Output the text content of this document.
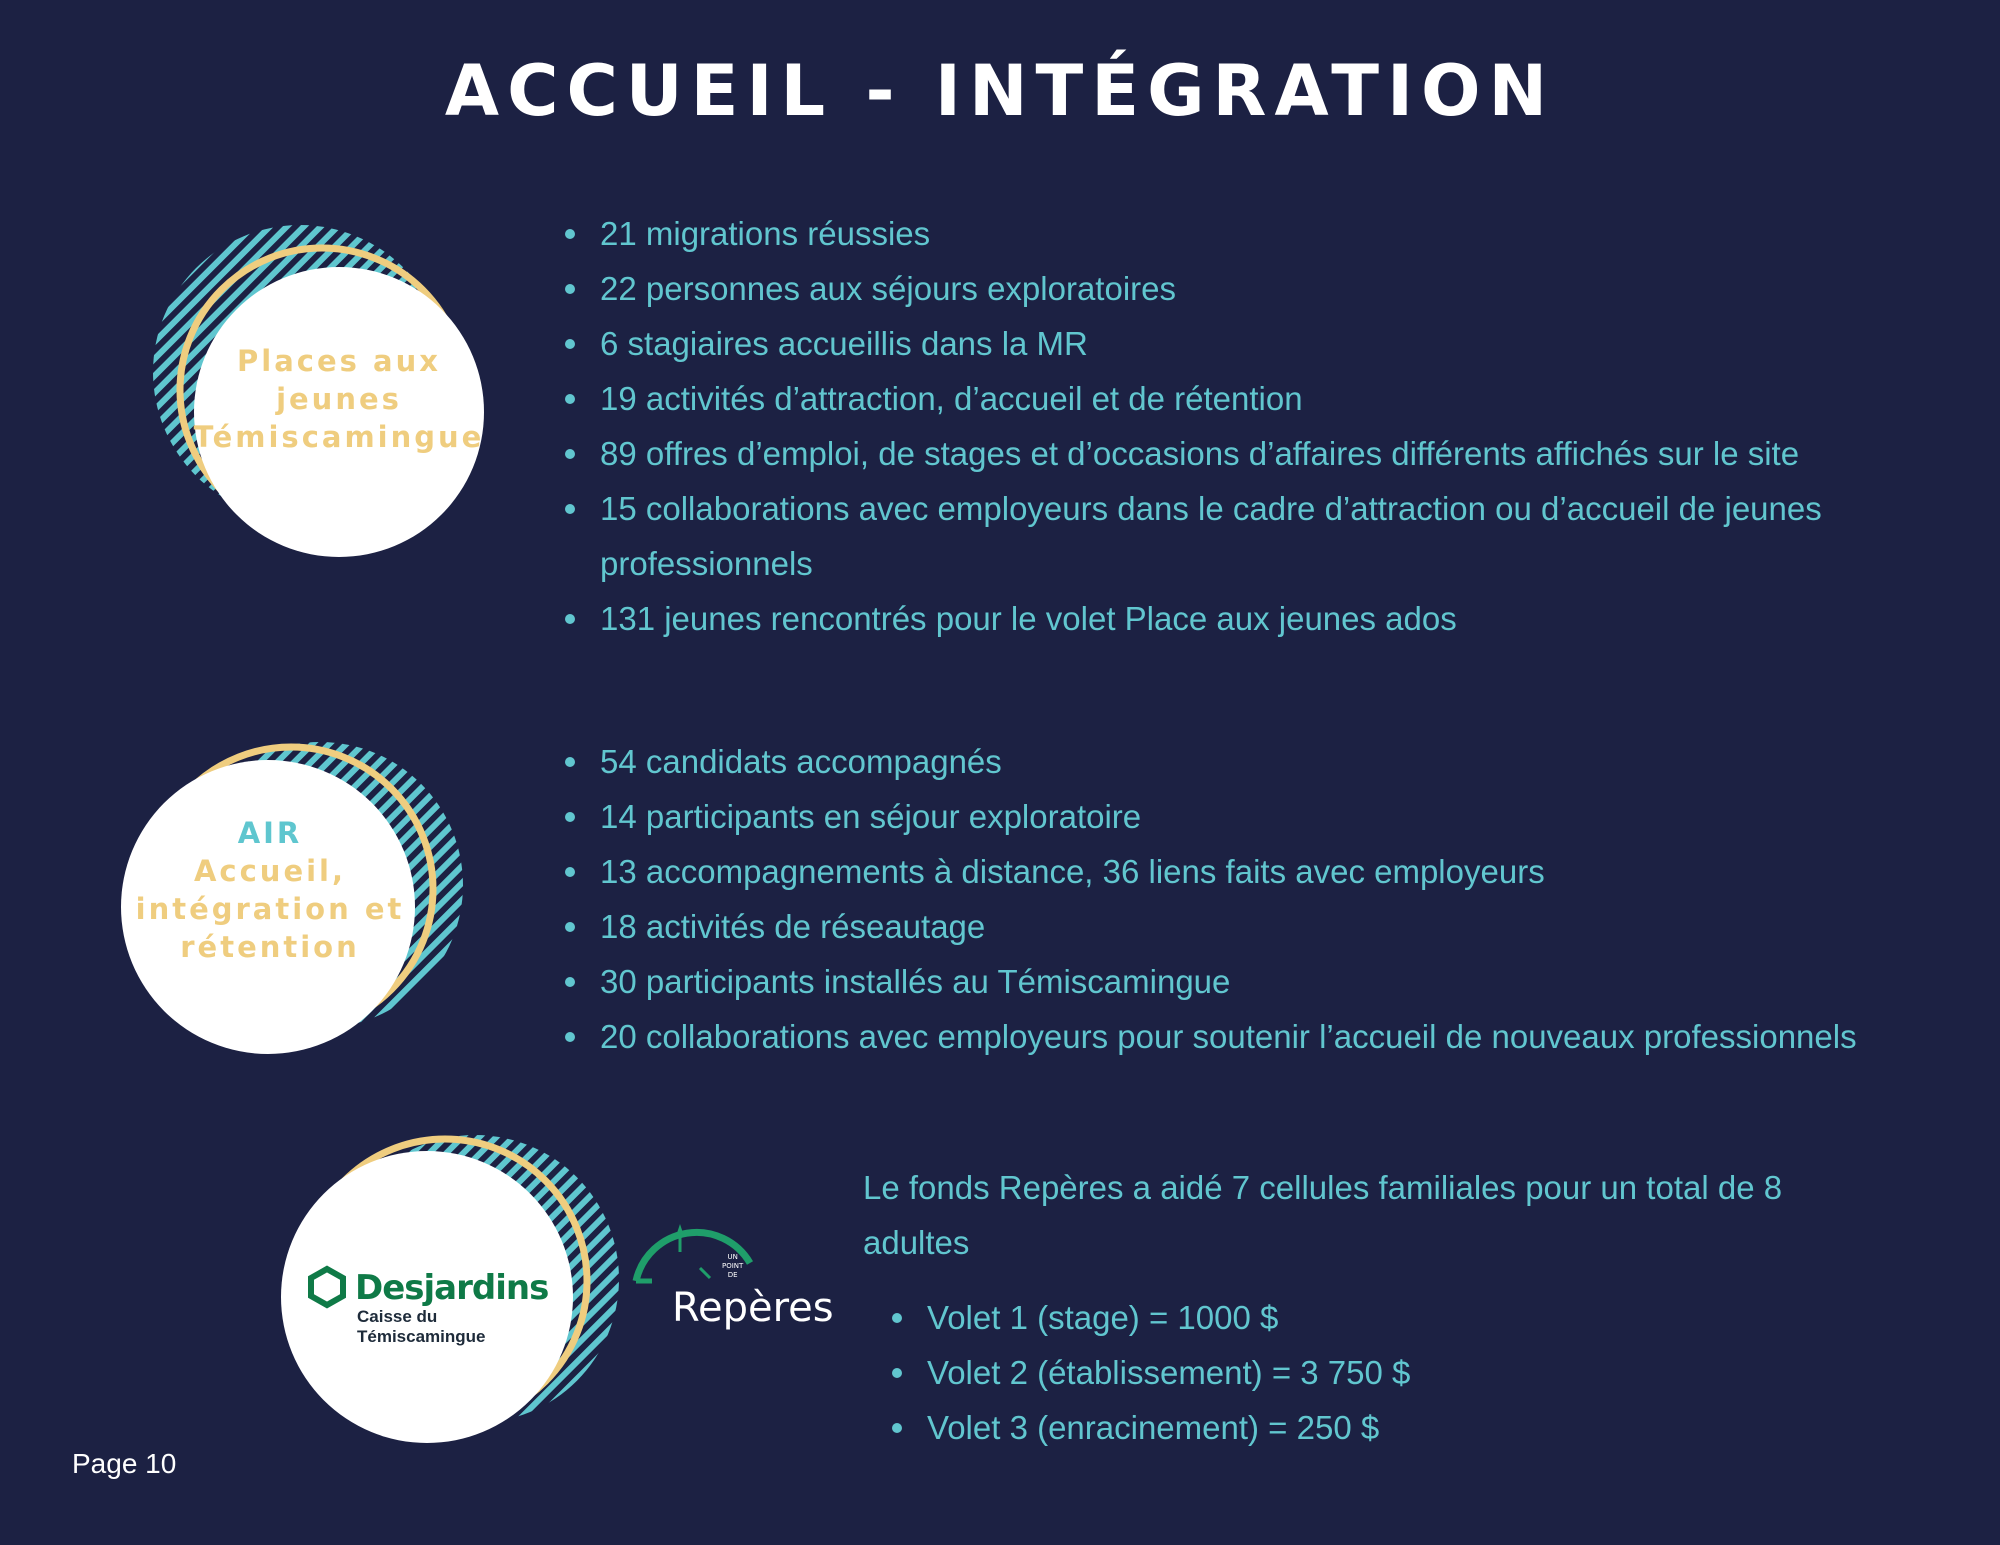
ACCUEIL - INTÉGRATION
Places aux
jeunes
Témiscamingue
21 migrations réussies
22 personnes aux séjours exploratoires
6 stagiaires accueillis dans la MR
19 activités d’attraction, d’accueil et de rétention
89 offres d’emploi, de stages et d’occasions d’affaires différents affichés sur le site
15 collaborations avec employeurs dans le cadre d’attraction ou d’accueil de jeunes professionnels
131 jeunes rencontrés pour le volet Place aux jeunes ados
AIR
Accueil,
intégration et
rétention
54 candidats accompagnés
14 participants en séjour exploratoire
13 accompagnements à distance, 36 liens faits avec employeurs
18 activités de réseautage
30 participants installés au Témiscamingue
20 collaborations avec employeurs pour soutenir l’accueil de nouveaux professionnels
Desjardins
Caisse du Témiscamingue
UN
POINT
DE
Repères
Le fonds Repères a aidé 7 cellules familiales pour un total de 8 adultes
Volet 1 (stage) = 1000 $
Volet 2 (établissement) = 3 750 $
Volet 3 (enracinement) = 250 $
Page 10
